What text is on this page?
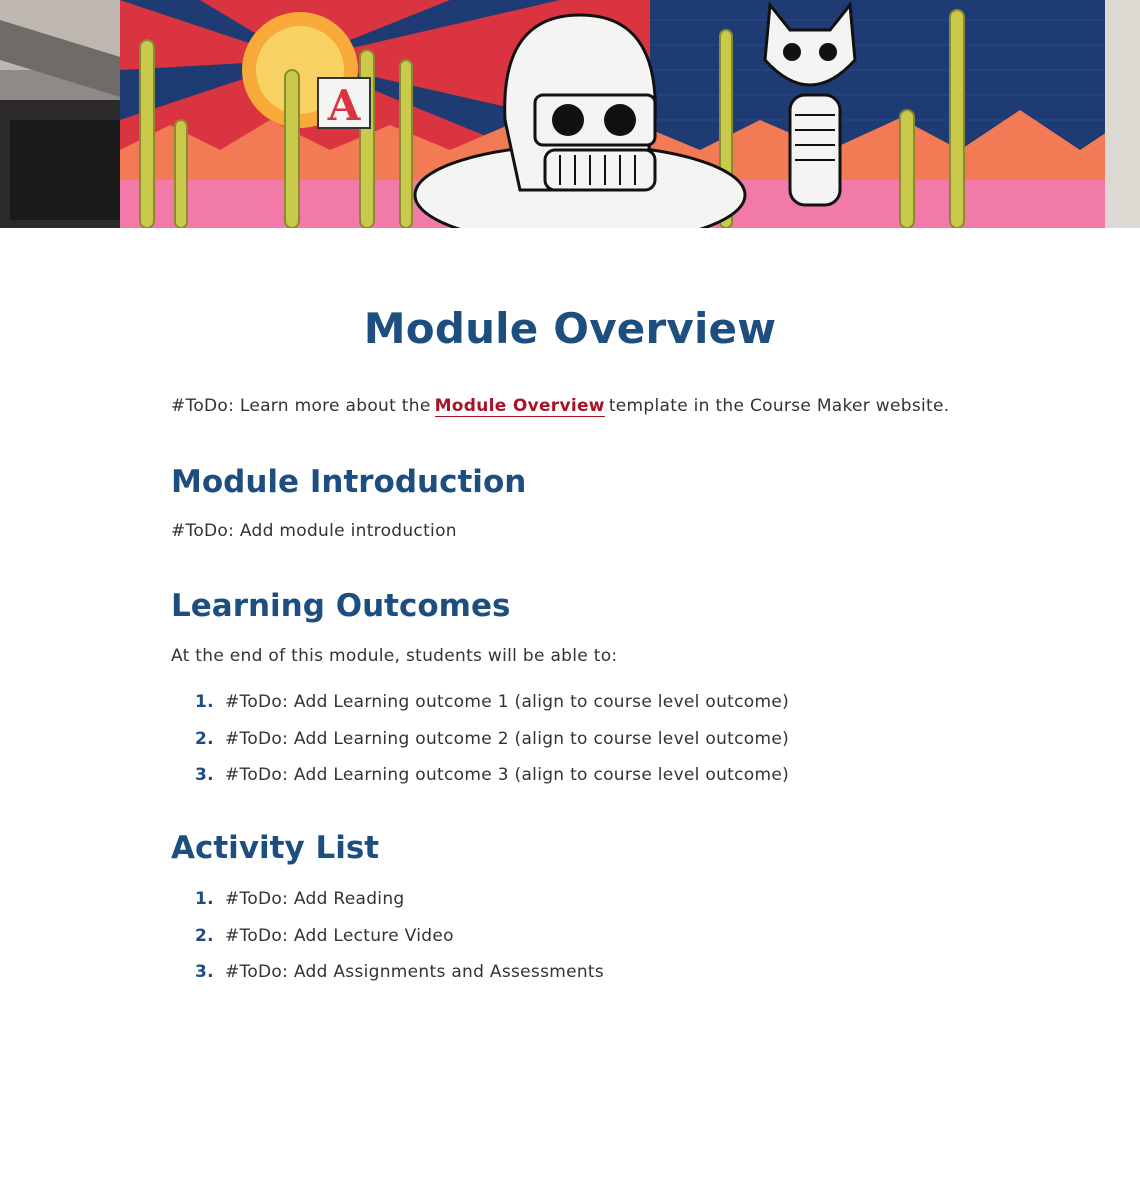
A
Module Overview
#ToDo: Learn more about the Module Overview template in the Course Maker website.
Module Introduction
#ToDo: Add module introduction
Learning Outcomes
At the end of this module, students will be able to:
1. #ToDo: Add Learning outcome 1 (align to course level outcome)
2. #ToDo: Add Learning outcome 2 (align to course level outcome)
3. #ToDo: Add Learning outcome 3 (align to course level outcome)
Activity List
1. #ToDo: Add Reading
2. #ToDo: Add Lecture Video
3. #ToDo: Add Assignments and Assessments
